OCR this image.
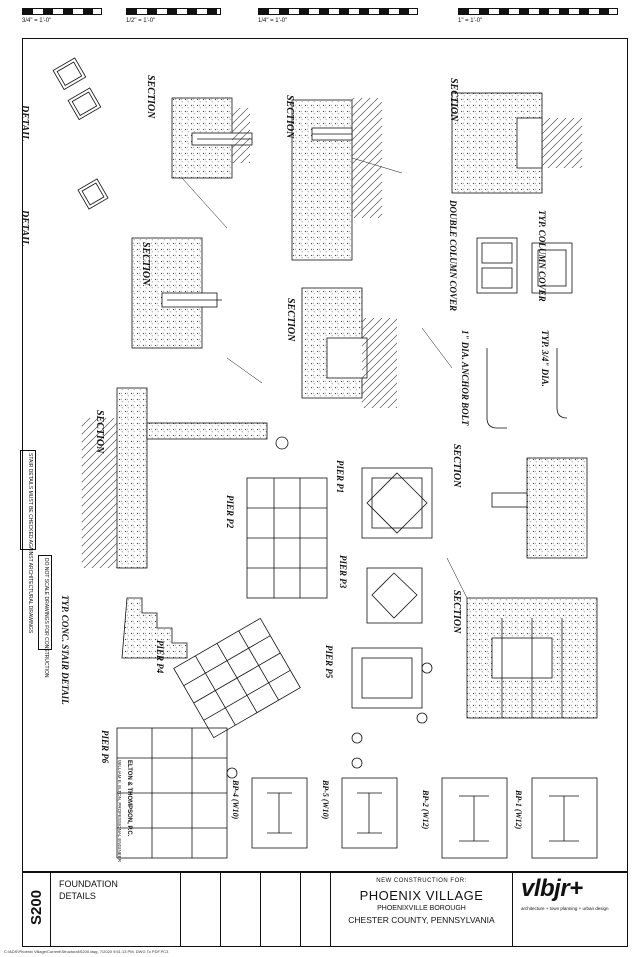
3/4" = 1'-0"	1/2" = 1'-0"	1/4" = 1'-0"	1" = 1'-0"
DETAIL
DETAIL
SECTION	SECTION	SECTION
SECTION
SECTION
SECTION
SECTION
SECTION
DOUBLE COLUMN COVER	TYP. COLUMN COVER
1" DIA. ANCHOR BOLT	TYP. 3/4" DIA.
TYP. CONC. STAIR DETAIL
PIER P1
PIER P2
PIER P3
PIER P4	PIER P5
PIER P6
BP-4 (W10)	BP-5 (W10)	BP-2 (W12)	BP-1 (W12)
STAIR DETAILS MUST BE CHECKED AGAINST ARCHITECTURAL DRAWINGS DO NOT SCALE DRAWINGS FOR CONSTRUCTION
ELTON & THOMPSON, P.C.
WILLIAM E. ELTON, PROFESSIONAL ENGINEER
S200
FOUNDATION
DETAILS
NEW CONSTRUCTION FOR:
PHOENIX VILLAGE
PHOENIXVILLE BOROUGH
CHESTER COUNTY, PENNSYLVANIA
vlbjr+
architecture + town planning + urban design
C:\ADS\Phoenix Village\Current\Structural\S200.dwg, 7/2020 9:51:13 PM, DWG To PDF.PC3
